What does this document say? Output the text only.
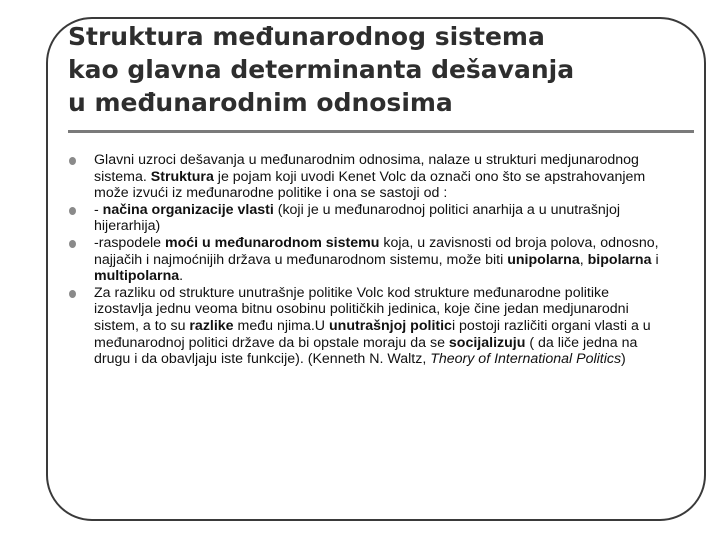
Struktura međunarodnog sistema
kao glavna determinanta dešavanja
u međunarodnim odnosima
Glavni uzroci dešavanja u međunarodnim odnosima, nalaze u strukturi medjunarodnog sistema. Struktura je pojam koji uvodi Kenet Volc da označi ono što se apstrahovanjem može izvući iz međunarodne politike i ona se sastoji od :
- načina organizacije vlasti (koji je u međunarodnoj politici anarhija a u unutrašnjoj hijerarhija)
-raspodele moći u međunarodnom sistemu koja, u zavisnosti od broja polova, odnosno, najjačih i najmoćnijih država u međunarodnom sistemu, može biti unipolarna, bipolarna i multipolarna.
Za razliku od strukture unutrašnje politike Volc kod strukture međunarodne politike izostavlja jednu veoma bitnu osobinu političkih jedinica, koje čine jedan medjunarodni sistem, a to su razlike među njima.U unutrašnjoj politici postoji različiti organi vlasti a u međunarodnoj politici države da bi opstale moraju da se socijalizuju ( da liče jedna na drugu i da obavljaju iste funkcije). (Kenneth N. Waltz, Theory of International Politics)
